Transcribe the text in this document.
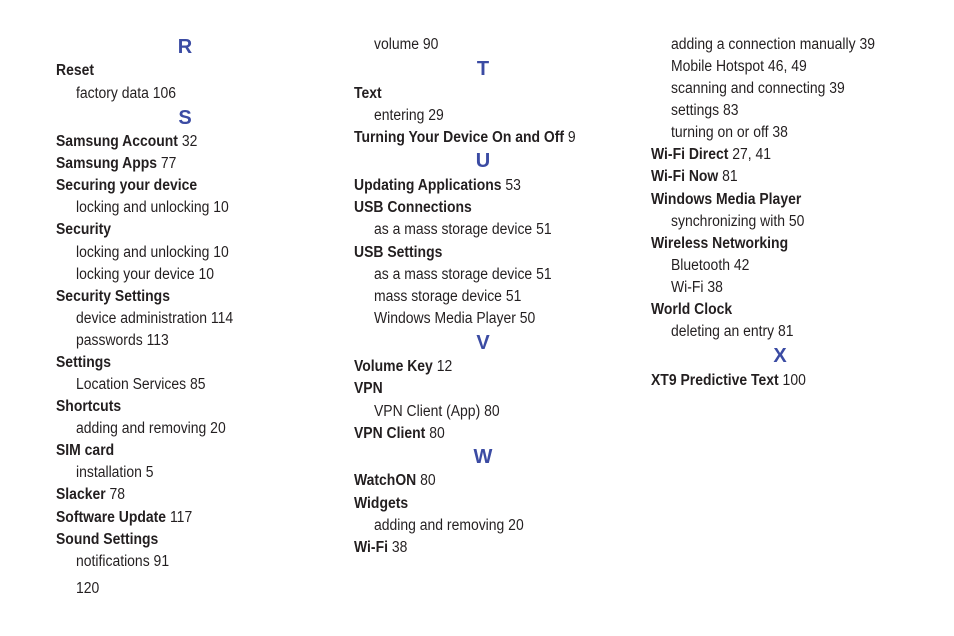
R
Reset
factory data 106
S
Samsung Account 32
Samsung Apps 77
Securing your device
locking and unlocking 10
Security
locking and unlocking 10
locking your device 10
Security Settings
device administration 114
passwords 113
Settings
Location Services 85
Shortcuts
adding and removing 20
SIM card
installation 5
Slacker 78
Software Update 117
Sound Settings
notifications 91
volume 90
T
Text
entering 29
Turning Your Device On and Off 9
U
Updating Applications 53
USB Connections
as a mass storage device 51
USB Settings
as a mass storage device 51
mass storage device 51
Windows Media Player 50
V
Volume Key 12
VPN
VPN Client (App) 80
VPN Client 80
W
WatchON 80
Widgets
adding and removing 20
Wi-Fi 38
adding a connection manually 39
Mobile Hotspot 46, 49
scanning and connecting 39
settings 83
turning on or off 38
Wi-Fi Direct 27, 41
Wi-Fi Now 81
Windows Media Player
synchronizing with 50
Wireless Networking
Bluetooth 42
Wi-Fi 38
World Clock
deleting an entry 81
X
XT9 Predictive Text 100
120
